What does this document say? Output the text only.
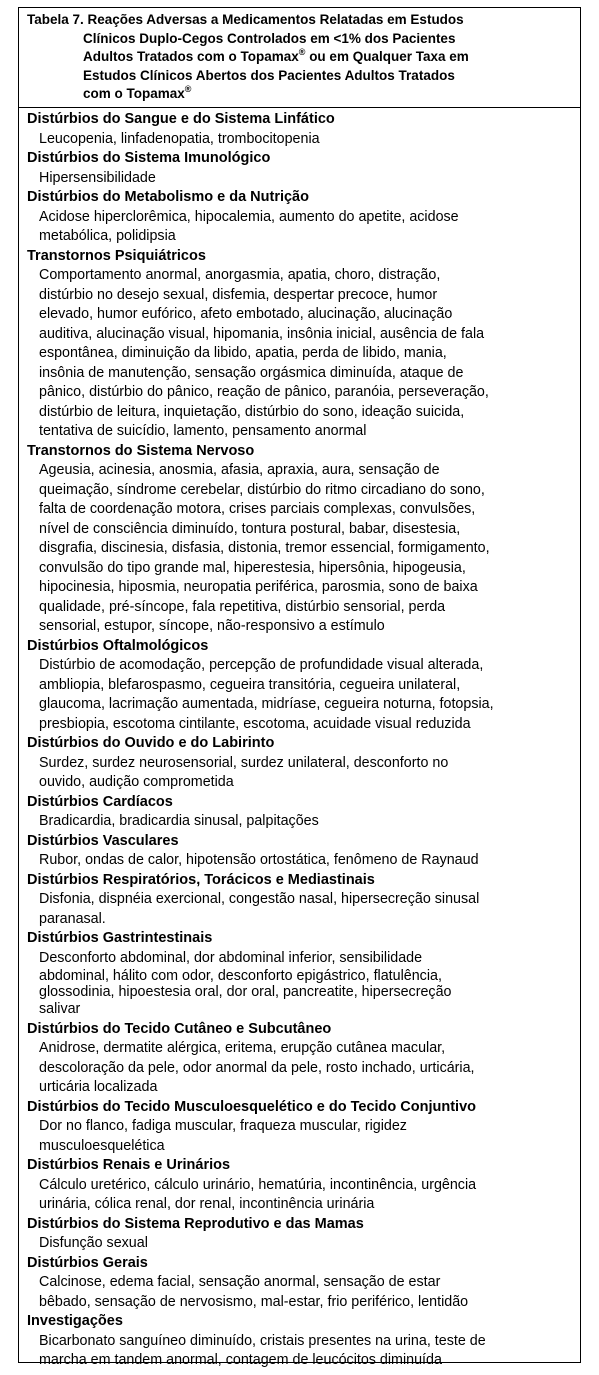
Tabela 7. Reações Adversas a Medicamentos Relatadas em Estudos
Clínicos Duplo-Cegos Controlados em <1% dos Pacientes
Adultos Tratados com o Topamax® ou em Qualquer Taxa em
Estudos Clínicos Abertos dos Pacientes Adultos Tratados
com o Topamax®
Distúrbios do Sangue e do Sistema Linfático
Leucopenia, linfadenopatia, trombocitopenia
Distúrbios do Sistema Imunológico
Hipersensibilidade
Distúrbios do Metabolismo e da Nutrição
Acidose hiperclorêmica, hipocalemia, aumento do apetite, acidose
metabólica, polidipsia
Transtornos Psiquiátricos
Comportamento anormal, anorgasmia, apatia, choro, distração,
distúrbio no desejo sexual, disfemia, despertar precoce, humor
elevado, humor eufórico, afeto embotado, alucinação, alucinação
auditiva, alucinação visual, hipomania, insônia inicial, ausência de fala
espontânea, diminuição da libido, apatia, perda de libido, mania,
insônia de manutenção, sensação orgásmica diminuída, ataque de
pânico, distúrbio do pânico, reação de pânico, paranóia, perseveração,
distúrbio de leitura, inquietação, distúrbio do sono, ideação suicida,
tentativa de suicídio, lamento, pensamento anormal
Transtornos do Sistema Nervoso
Ageusia, acinesia, anosmia, afasia, apraxia, aura, sensação de
queimação, síndrome cerebelar, distúrbio do ritmo circadiano do sono,
falta de coordenação motora, crises parciais complexas, convulsões,
nível de consciência diminuído, tontura postural, babar, disestesia,
disgrafia, discinesia, disfasia, distonia, tremor essencial, formigamento,
convulsão do tipo grande mal, hiperestesia, hipersônia, hipogeusia,
hipocinesia, hiposmia, neuropatia periférica, parosmia, sono de baixa
qualidade, pré-síncope, fala repetitiva, distúrbio sensorial, perda
sensorial, estupor, síncope, não-responsivo a estímulo
Distúrbios Oftalmológicos
Distúrbio de acomodação, percepção de profundidade visual alterada,
ambliopia, blefarospasmo, cegueira transitória, cegueira unilateral,
glaucoma, lacrimação aumentada, midríase, cegueira noturna, fotopsia,
presbiopia, escotoma cintilante, escotoma, acuidade visual reduzida
Distúrbios do Ouvido e do Labirinto
Surdez, surdez neurosensorial, surdez unilateral, desconforto no
ouvido, audição comprometida
Distúrbios Cardíacos
Bradicardia, bradicardia sinusal, palpitações
Distúrbios Vasculares
Rubor, ondas de calor, hipotensão ortostática, fenômeno de Raynaud
Distúrbios Respiratórios, Torácicos e Mediastinais
Disfonia, dispnéia exercional, congestão nasal, hipersecreção sinusal
paranasal.
Distúrbios Gastrintestinais
Desconforto abdominal, dor abdominal inferior, sensibilidade
abdominal, hálito com odor, desconforto epigástrico, flatulência,
glossodinia, hipoestesia oral, dor oral, pancreatite, hipersecreção
salivar
Distúrbios do Tecido Cutâneo e Subcutâneo
Anidrose, dermatite alérgica, eritema, erupção cutânea macular,
descoloração da pele, odor anormal da pele, rosto inchado, urticária,
urticária localizada
Distúrbios do Tecido Musculoesquelético e do Tecido Conjuntivo
Dor no flanco, fadiga muscular, fraqueza muscular, rigidez
musculoesquelética
Distúrbios Renais e Urinários
Cálculo uretérico, cálculo urinário, hematúria, incontinência, urgência
urinária, cólica renal, dor renal, incontinência urinária
Distúrbios do Sistema Reprodutivo e das Mamas
Disfunção sexual
Distúrbios Gerais
Calcinose, edema facial, sensação anormal, sensação de estar
bêbado, sensação de nervosismo, mal-estar, frio periférico, lentidão
Investigações
Bicarbonato sanguíneo diminuído, cristais presentes na urina, teste de
marcha em tandem anormal, contagem de leucócitos diminuída
